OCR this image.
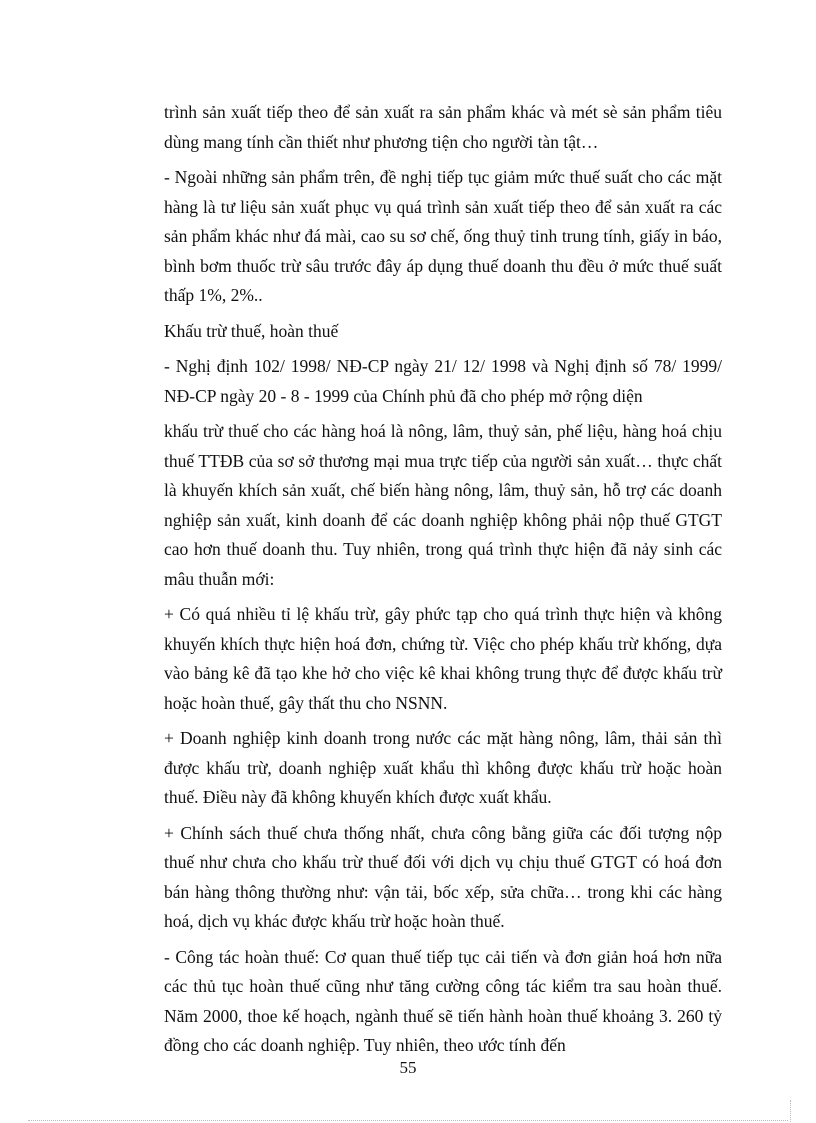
trình sản xuất tiếp theo để sản xuất ra sản phẩm khác và mét sè sản phẩm tiêu dùng mang tính cần thiết như phương tiện cho người tàn tật…

- Ngoài những sản phẩm trên, đề nghị tiếp tục giảm mức thuế suất cho các mặt hàng là tư liệu sản xuất phục vụ quá trình sản xuất tiếp theo để sản xuất ra các sản phẩm khác như đá mài, cao su sơ chế, ống thuỷ tinh trung tính, giấy in báo, bình bơm thuốc trừ sâu trước đây áp dụng thuế doanh thu đều ở mức thuế suất thấp 1%, 2%..

Khấu trừ thuế, hoàn thuế

- Nghị định 102/ 1998/ NĐ-CP ngày 21/ 12/ 1998 và Nghị định số 78/ 1999/ NĐ-CP ngày 20 - 8 - 1999 của Chính phủ đã cho phép mở rộng diện

khấu trừ thuế cho các hàng hoá là nông, lâm, thuỷ sản, phế liệu, hàng hoá chịu thuế TTĐB của sơ sở thương mại mua trực tiếp của người sản xuất… thực chất là khuyến khích sản xuất, chế biến hàng nông, lâm, thuỷ sản, hỗ trợ các doanh nghiệp sản xuất, kinh doanh để các doanh nghiệp không phải nộp thuế GTGT cao hơn thuế doanh thu. Tuy nhiên, trong quá trình thực hiện đã nảy sinh các mâu thuẫn mới:

+ Có quá nhiều tỉ lệ khấu trừ, gây phức tạp cho quá trình thực hiện và không khuyến khích thực hiện hoá đơn, chứng từ. Việc cho phép khấu trừ khống, dựa vào bảng kê đã tạo khe hở cho việc kê khai không trung thực để được khấu trừ hoặc hoàn thuế, gây thất thu cho NSNN.

+ Doanh nghiệp kinh doanh trong nước các mặt hàng nông, lâm, thải sản thì được khấu trừ, doanh nghiệp xuất khẩu thì không được khấu trừ hoặc hoàn thuế. Điều này đã không khuyến khích được xuất khẩu.

+ Chính sách thuế chưa thống nhất, chưa công bằng giữa các đối tượng nộp thuế như chưa cho khấu trừ thuế đối với dịch vụ chịu thuế GTGT có hoá đơn bán hàng thông thường như: vận tải, bốc xếp, sửa chữa… trong khi các hàng hoá, dịch vụ khác được khấu trừ hoặc hoàn thuế.

- Công tác hoàn thuế: Cơ quan thuế tiếp tục cải tiến và đơn giản hoá hơn nữa các thủ tục hoàn thuế cũng như tăng cường công tác kiểm tra sau hoàn thuế. Năm 2000, thoe kế hoạch, ngành thuế sẽ tiến hành hoàn thuế khoảng 3. 260 tỷ đồng cho các doanh nghiệp. Tuy nhiên, theo ước tính đến

55
